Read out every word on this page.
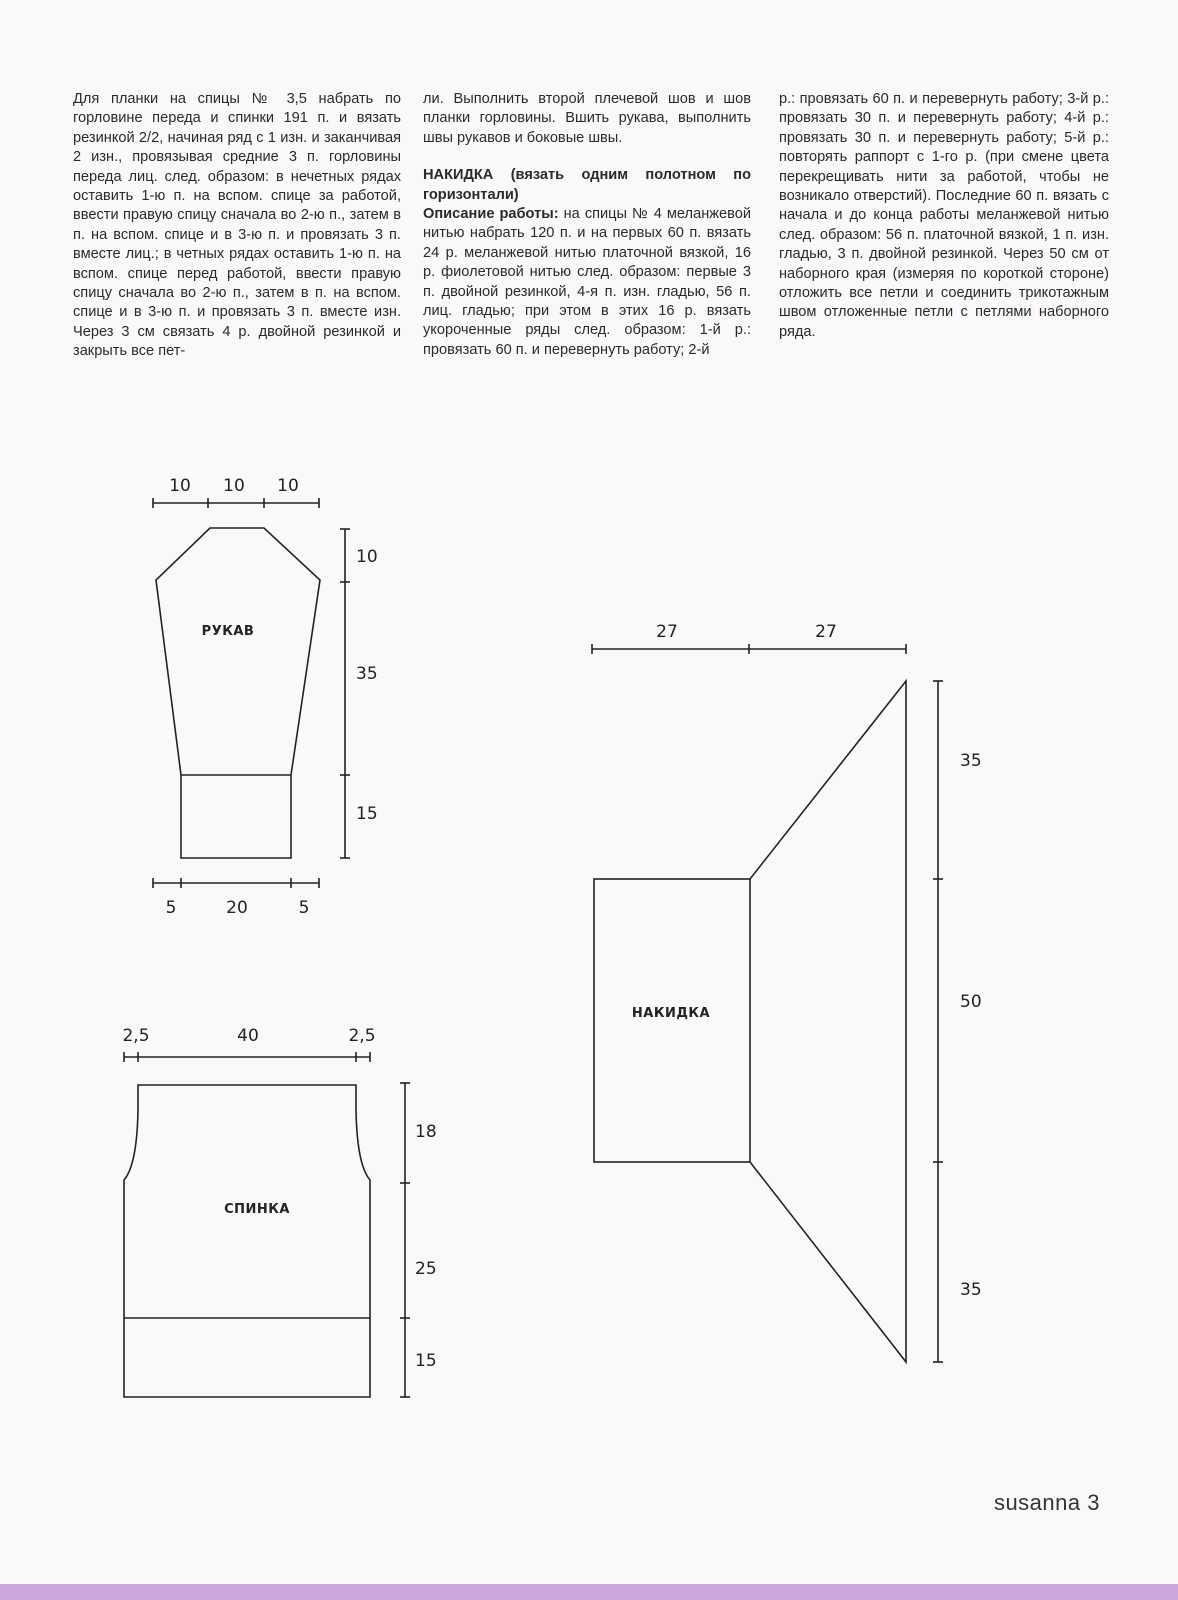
Для планки на спицы № 3,5 набрать по горловине переда и спинки 191 п. и вязать резинкой 2/2, начиная ряд с 1 изн. и заканчивая 2 изн., провязывая средние 3 п. горловины переда лиц. след. образом: в нечетных рядах оставить 1-ю п. на вспом. спице за работой, ввести правую спицу сначала во 2-ю п., затем в п. на вспом. спице и в 3-ю п. и провязать 3 п. вместе лиц.; в четных рядах оставить 1-ю п. на вспом. спице перед работой, ввести правую спицу сначала во 2-ю п., затем в п. на вспом. спице и в 3-ю п. и провязать 3 п. вместе изн. Через 3 см связать 4 р. двойной резинкой и закрыть все пет-

ли. Выполнить второй плечевой шов и шов планки горловины. Вшить рукава, выполнить швы рукавов и боковые швы.

НАКИДКА (вязать одним полотном по горизонтали)

Описание работы: на спицы № 4 меланжевой нитью набрать 120 п. и на первых 60 п. вязать 24 р. меланжевой нитью платочной вязкой, 16 р. фиолетовой нитью след. образом: первые 3 п. двойной резинкой, 4-я п. изн. гладью, 56 п. лиц. гладью; при этом в этих 16 р. вязать укороченные ряды след. образом: 1-й р.: провязать 60 п. и перевернуть работу; 2-й

р.: провязать 60 п. и перевернуть работу; 3-й р.: провязать 30 п. и перевернуть работу; 4-й р.: провязать 30 п. и перевернуть работу; 5-й р.: повторять раппорт с 1-го р. (при смене цвета перекрещивать нити за работой, чтобы не возникало отверстий). Последние 60 п. вязать с начала и до конца работы меланжевой нитью след. образом: 56 п. платочной вязкой, 1 п. изн. гладью, 3 п. двойной резинкой. Через 50 см от наборного края (измеряя по короткой стороне) отложить все петли и соединить трикотажным швом отложенные петли с петлями наборного ряда.

10 10 10
10
35
15
5	20	5
РУКАВ
2,5	40	2,5
18
25
15
СПИНКА
27	27
35
50
35
НАКИДКА
susanna 3
